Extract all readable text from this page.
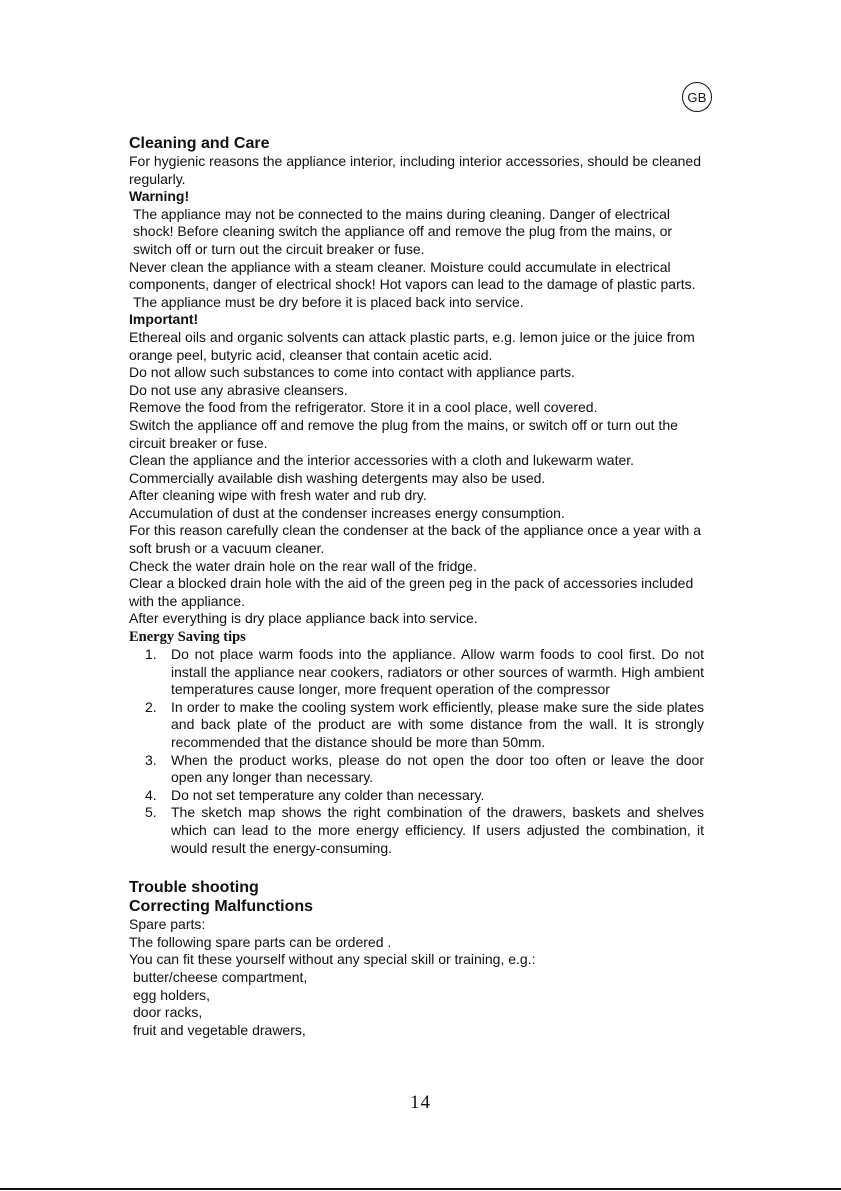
GB
Cleaning and Care

For hygienic reasons the appliance interior, including interior accessories, should be cleaned regularly.

Warning!

The appliance may not be connected to the mains during cleaning. Danger of electrical shock! Before cleaning switch the appliance off and remove the plug from the mains, or switch off or turn out the circuit breaker or fuse.

Never clean the appliance with a steam cleaner. Moisture could accumulate in electrical components, danger of electrical shock! Hot vapors can lead to the damage of plastic parts.

The appliance must be dry before it is placed back into service.

Important!

Ethereal oils and organic solvents can attack plastic parts, e.g. lemon juice or the juice from orange peel, butyric acid, cleanser that contain acetic acid.

Do not allow such substances to come into contact with appliance parts.

Do not use any abrasive cleansers.

Remove the food from the refrigerator. Store it in a cool place, well covered.

Switch the appliance off and remove the plug from the mains, or switch off or turn out the circuit breaker or fuse.

Clean the appliance and the interior accessories with a cloth and lukewarm water.

Commercially available dish washing detergents may also be used.

After cleaning wipe with fresh water and rub dry.

Accumulation of dust at the condenser increases energy consumption.

For this reason carefully clean the condenser at the back of the appliance once a year with a soft brush or a vacuum cleaner.

Check the water drain hole on the rear wall of the fridge.

Clear a blocked drain hole with the aid of the green peg in the pack of accessories included with the appliance.

After everything is dry place appliance back into service.

Energy Saving tips
1. Do not place warm foods into the appliance. Allow warm foods to cool first. Do not install the appliance near cookers, radiators or other sources of warmth. High ambient temperatures cause longer, more frequent operation of the compressor
2. In order to make the cooling system work efficiently, please make sure the side plates and back plate of the product are with some distance from the wall. It is strongly recommended that the distance should be more than 50mm.
3. When the product works, please do not open the door too often or leave the door open any longer than necessary.
4. Do not set temperature any colder than necessary.
5. The sketch map shows the right combination of the drawers, baskets and shelves which can lead to the more energy efficiency. If users adjusted the combination, it would result the energy-consuming.
Trouble shooting
Correcting Malfunctions

Spare parts:

The following spare parts can be ordered .

You can fit these yourself without any special skill or training, e.g.:

butter/cheese compartment,

egg holders,

door racks,

fruit and vegetable drawers,

14
